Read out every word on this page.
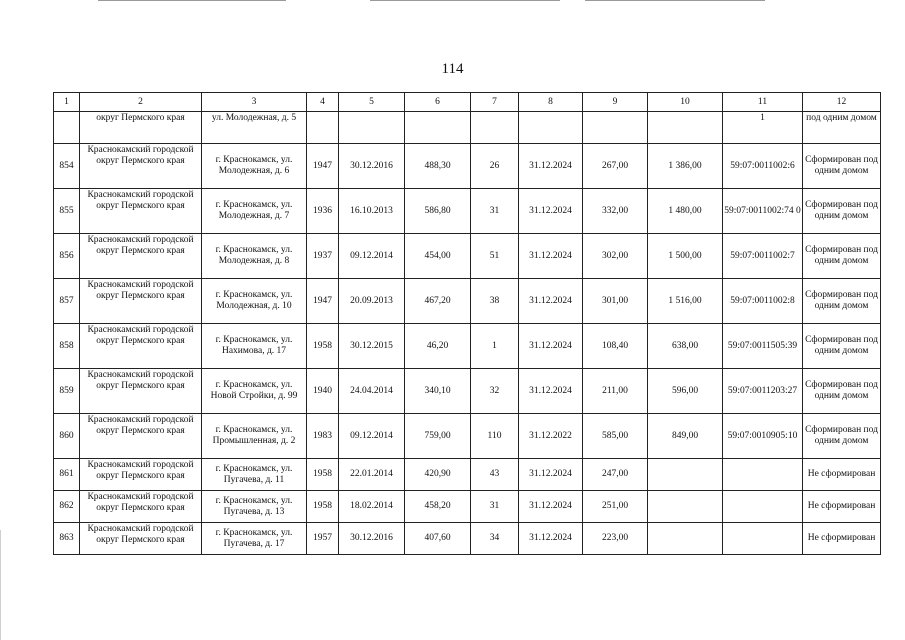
114
1	2	3	4	5	6	7	8	9	10	11	12
	округ Пермского края	ул. Молодежная, д. 5								1	под одним домом
854	Краснокамский городской округ Пермского края	г. Краснокамск, ул. Молодежная, д. 6	1947	30.12.2016	488,30	26	31.12.2024	267,00	1 386,00	59:07:0011002:6	Сформирован под одним домом
855	Краснокамский городской округ Пермского края	г. Краснокамск, ул. Молодежная, д. 7	1936	16.10.2013	586,80	31	31.12.2024	332,00	1 480,00	59:07:0011002:74 0	Сформирован под одним домом
856	Краснокамский городской округ Пермского края	г. Краснокамск, ул. Молодежная, д. 8	1937	09.12.2014	454,00	51	31.12.2024	302,00	1 500,00	59:07:0011002:7	Сформирован под одним домом
857	Краснокамский городской округ Пермского края	г. Краснокамск, ул. Молодежная, д. 10	1947	20.09.2013	467,20	38	31.12.2024	301,00	1 516,00	59:07:0011002:8	Сформирован под одним домом
858	Краснокамский городской округ Пермского края	г. Краснокамск, ул. Нахимова, д. 17	1958	30.12.2015	46,20	1	31.12.2024	108,40	638,00	59:07:0011505:39	Сформирован под одним домом
859	Краснокамский городской округ Пермского края	г. Краснокамск, ул. Новой Стройки, д. 99	1940	24.04.2014	340,10	32	31.12.2024	211,00	596,00	59:07:0011203:27	Сформирован под одним домом
860	Краснокамский городской округ Пермского края	г. Краснокамск, ул. Промышленная, д. 2	1983	09.12.2014	759,00	110	31.12.2022	585,00	849,00	59:07:0010905:10	Сформирован под одним домом
861	Краснокамский городской округ Пермского края	г. Краснокамск, ул. Пугачева, д. 11	1958	22.01.2014	420,90	43	31.12.2024	247,00			Не сформирован
862	Краснокамский городской округ Пермского края	г. Краснокамск, ул. Пугачева, д. 13	1958	18.02.2014	458,20	31	31.12.2024	251,00			Не сформирован
863	Краснокамский городской округ Пермского края	г. Краснокамск, ул. Пугачева, д. 17	1957	30.12.2016	407,60	34	31.12.2024	223,00			Не сформирован
